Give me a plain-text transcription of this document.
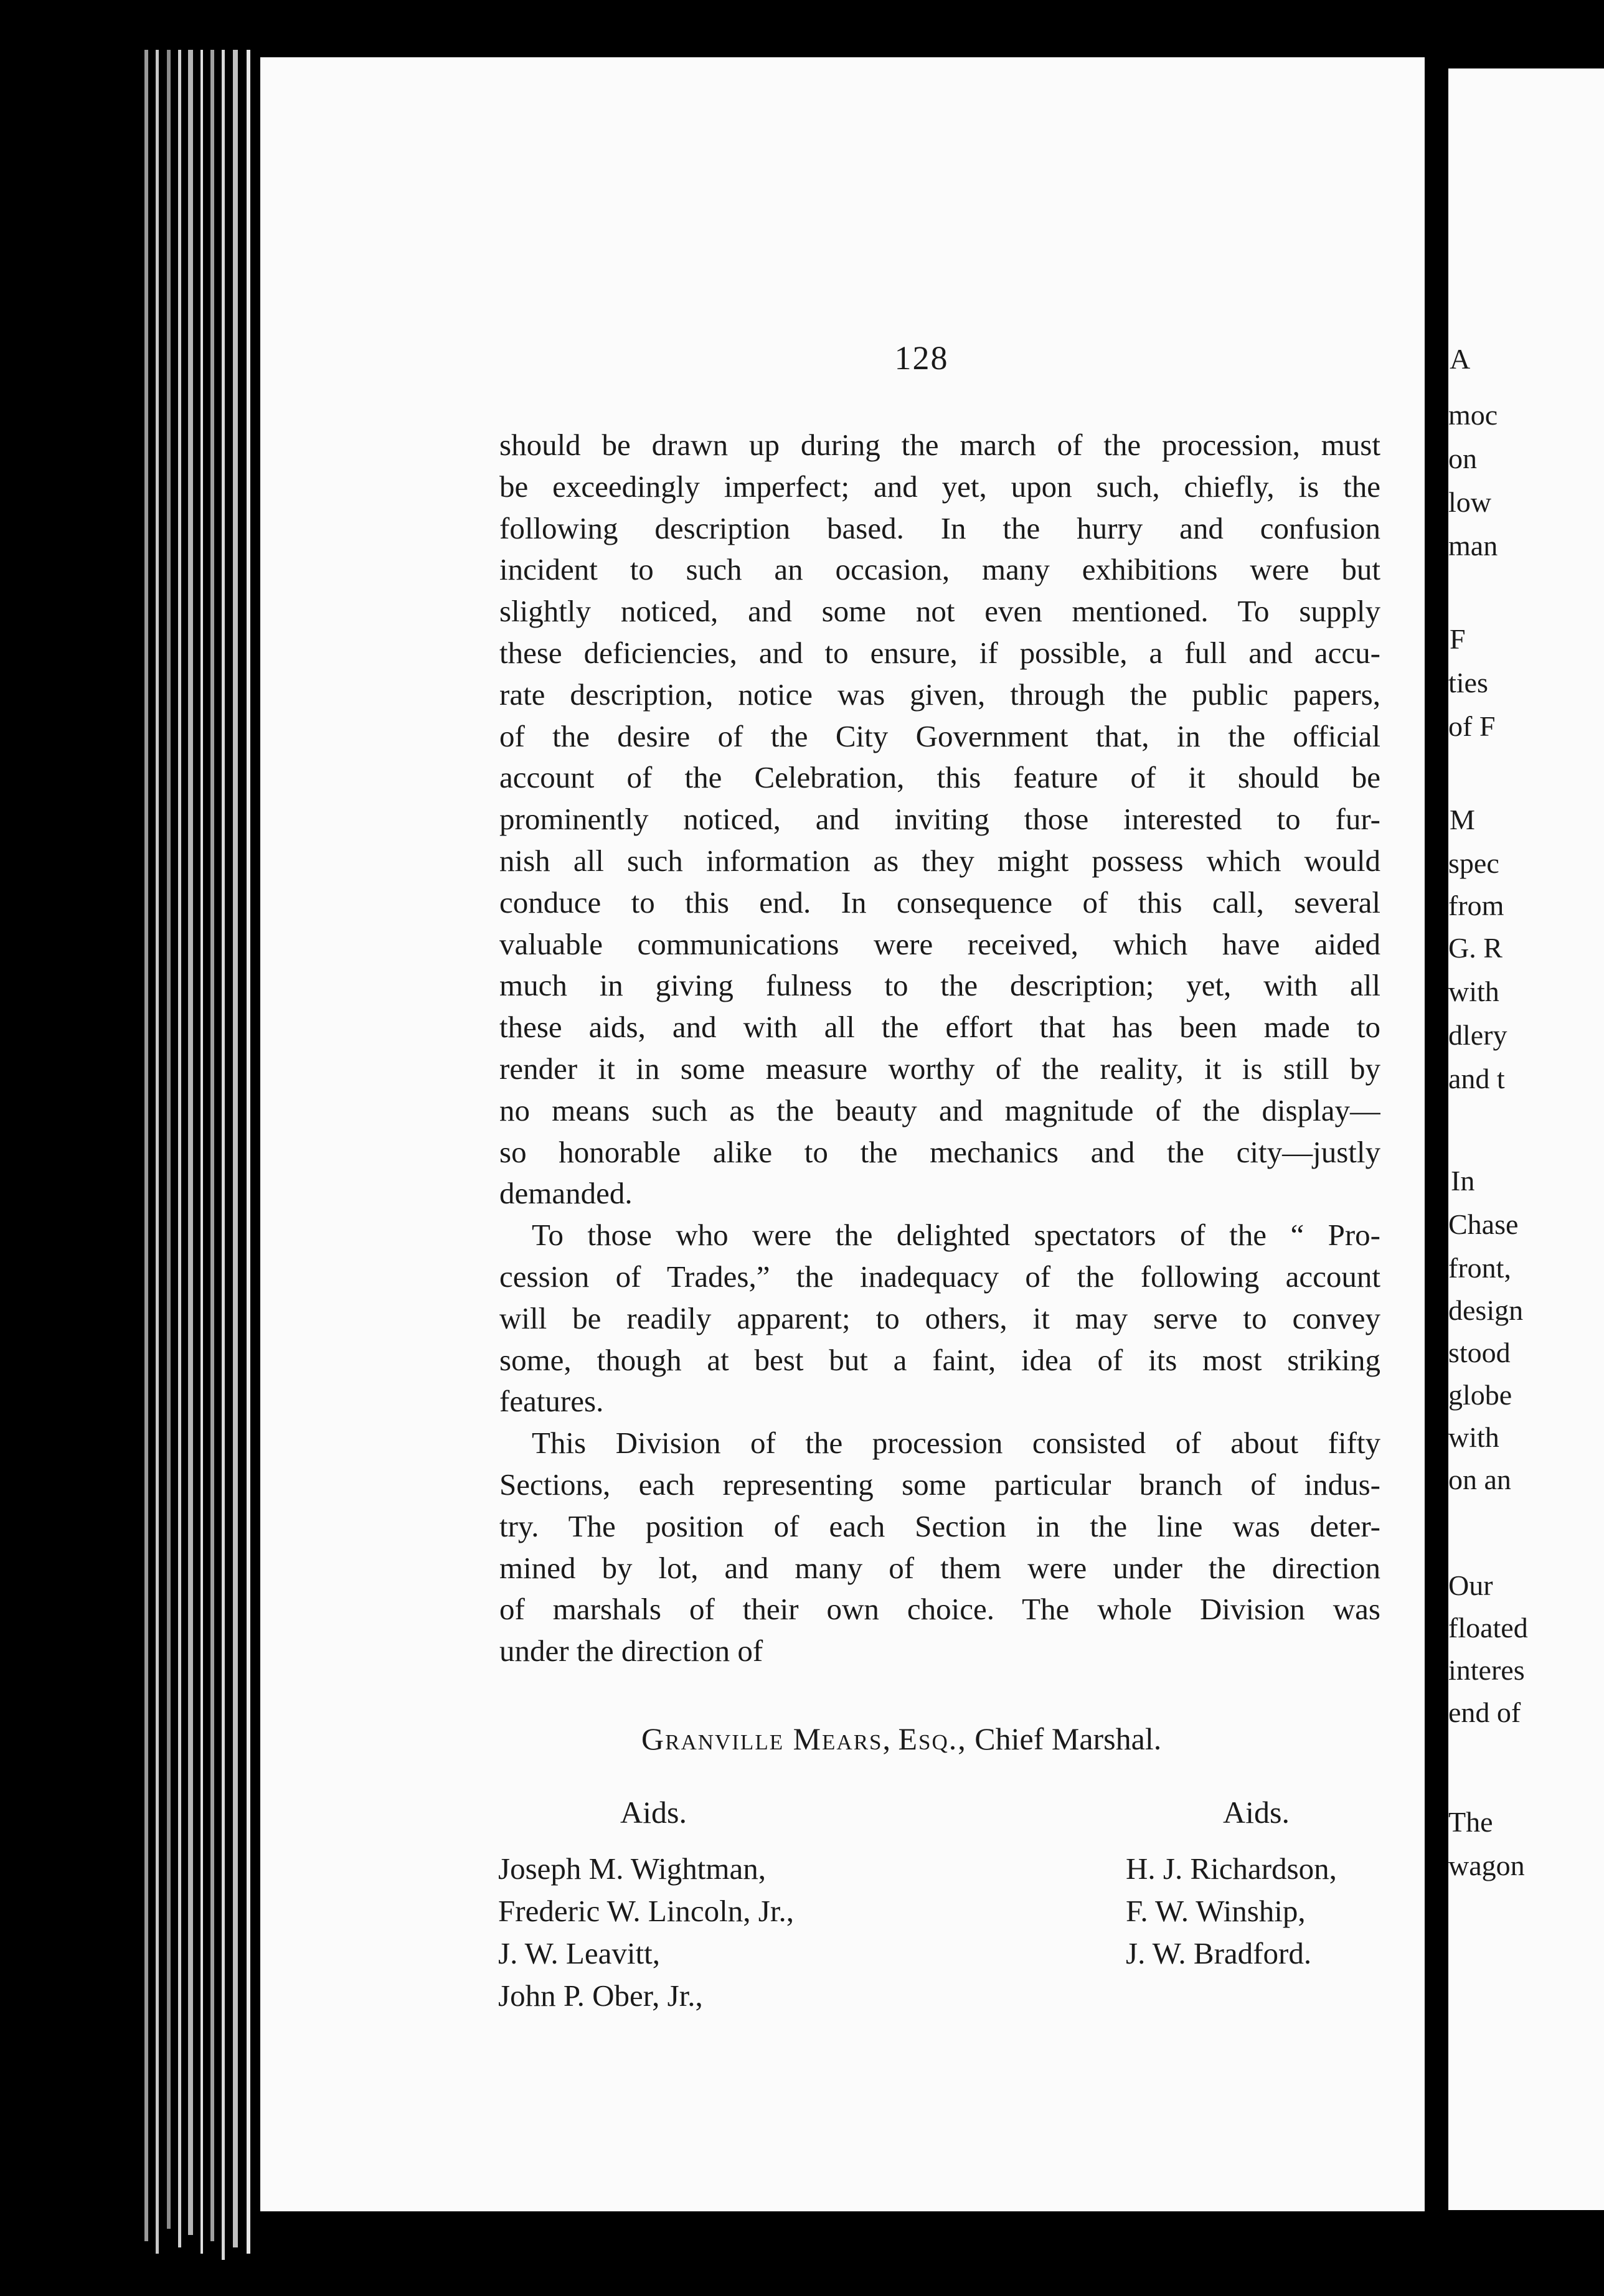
128
should be drawn up during the march of the procession, must
be exceedingly imperfect; and yet, upon such, chiefly, is the
following description based. In the hurry and confusion
incident to such an occasion, many exhibitions were but
slightly noticed, and some not even mentioned. To supply
these deficiencies, and to ensure, if possible, a full and accu-
rate description, notice was given, through the public papers,
of the desire of the City Government that, in the official
account of the Celebration, this feature of it should be
prominently noticed, and inviting those interested to fur-
nish all such information as they might possess which would
conduce to this end. In consequence of this call, several
valuable communications were received, which have aided
much in giving fulness to the description; yet, with all
these aids, and with all the effort that has been made to
render it in some measure worthy of the reality, it is still by
no means such as the beauty and magnitude of the display—
so honorable alike to the mechanics and the city—justly
demanded.
To those who were the delighted spectators of the “ Pro-
cession of Trades,” the inadequacy of the following account
will be readily apparent; to others, it may serve to convey
some, though at best but a faint, idea of its most striking
features.
This Division of the procession consisted of about fifty
Sections, each representing some particular branch of indus-
try. The position of each Section in the line was deter-
mined by lot, and many of them were under the direction
of marshals of their own choice. The whole Division was
under the direction of
Granville Mears, Esq., Chief Marshal.
Aids.	Aids.
Joseph M. Wightman,
Frederic W. Lincoln, Jr.,
J. W. Leavitt,
John P. Ober, Jr.,
H. J. Richardson,
F. W. Winship,
J. W. Bradford.
A
moc
on
low
man
F
ties
of F
M
spec
from
G. R
with
dlery
and t
In
Chase
front,
design
stood
globe
with
on an
Our
floated
interes
end of
The
wagon
